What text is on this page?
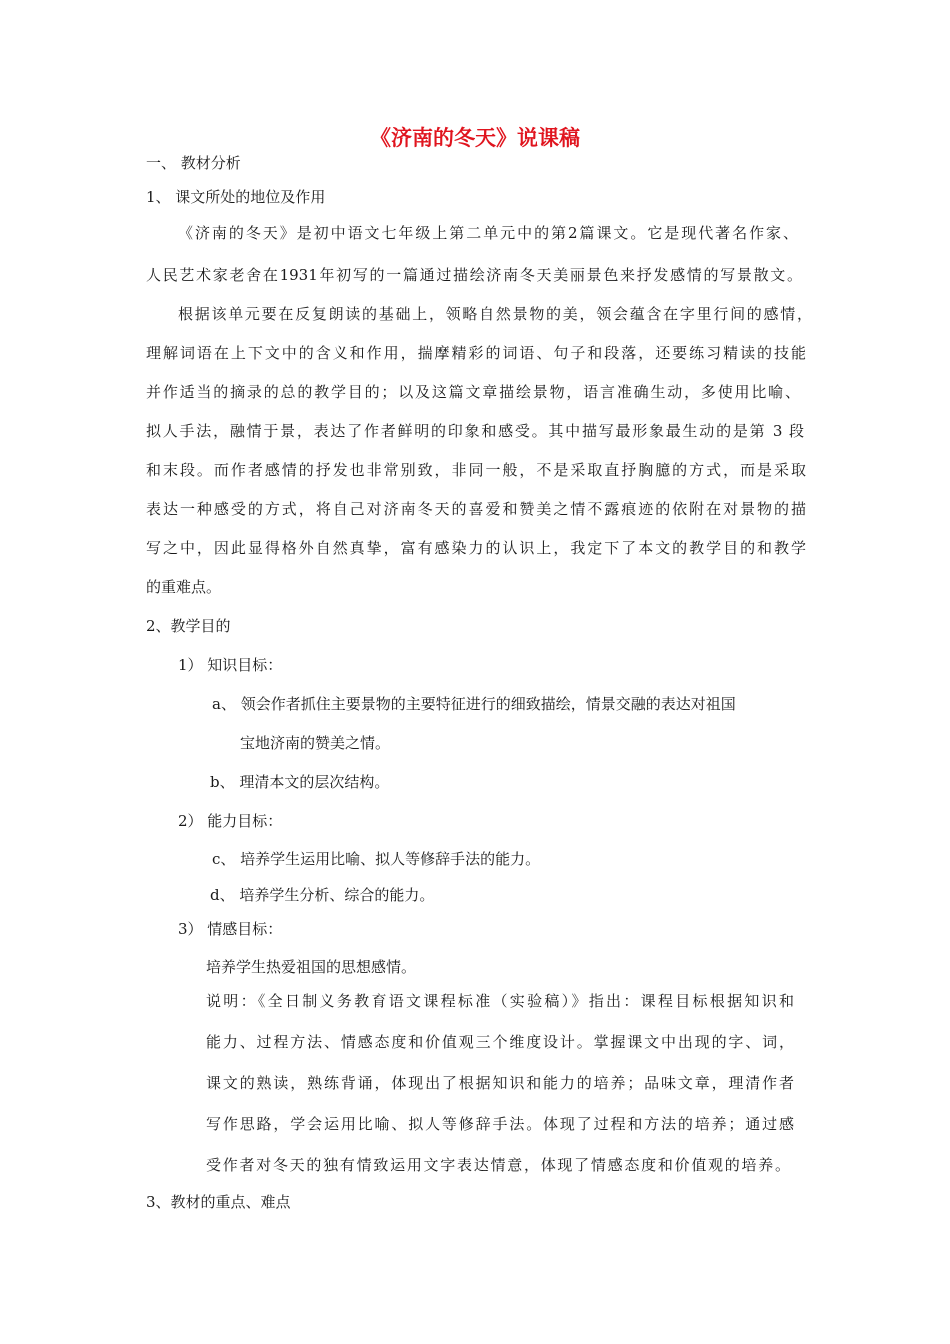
《济南的冬天》说课稿
一、 教材分析
1、 课文所处的地位及作用
《济南的冬天》是初中语文七年级上第二单元中的第2篇课文。它是现代著名作家、
人民艺术家老舍在1931年初写的一篇通过描绘济南冬天美丽景色来抒发感情的写景散文。
根据该单元要在反复朗读的基础上，领略自然景物的美，领会蕴含在字里行间的感情，
理解词语在上下文中的含义和作用，揣摩精彩的词语、句子和段落，还要练习精读的技能
并作适当的摘录的总的教学目的；以及这篇文章描绘景物，语言准确生动，多使用比喻、
拟人手法，融情于景，表达了作者鲜明的印象和感受。其中描写最形象最生动的是第 3 段
和末段。而作者感情的抒发也非常别致，非同一般，不是采取直抒胸臆的方式，而是采取
表达一种感受的方式，将自己对济南冬天的喜爱和赞美之情不露痕迹的依附在对景物的描
写之中，因此显得格外自然真挚，富有感染力的认识上，我定下了本文的教学目的和教学
的重难点。
2、教学目的
1） 知识目标：
a、 领会作者抓住主要景物的主要特征进行的细致描绘，情景交融的表达对祖国
宝地济南的赞美之情。
b、 理清本文的层次结构。
2） 能力目标：
c、 培养学生运用比喻、拟人等修辞手法的能力。
d、 培养学生分析、综合的能力。
3） 情感目标：
培养学生热爱祖国的思想感情。
说明：《全日制义务教育语文课程标准（实验稿）》指出：课程目标根据知识和
能力、过程方法、情感态度和价值观三个维度设计。掌握课文中出现的字、词，
课文的熟读，熟练背诵，体现出了根据知识和能力的培养；品味文章，理清作者
写作思路，学会运用比喻、拟人等修辞手法。体现了过程和方法的培养；通过感
受作者对冬天的独有情致运用文字表达情意，体现了情感态度和价值观的培养。
3、教材的重点、难点
